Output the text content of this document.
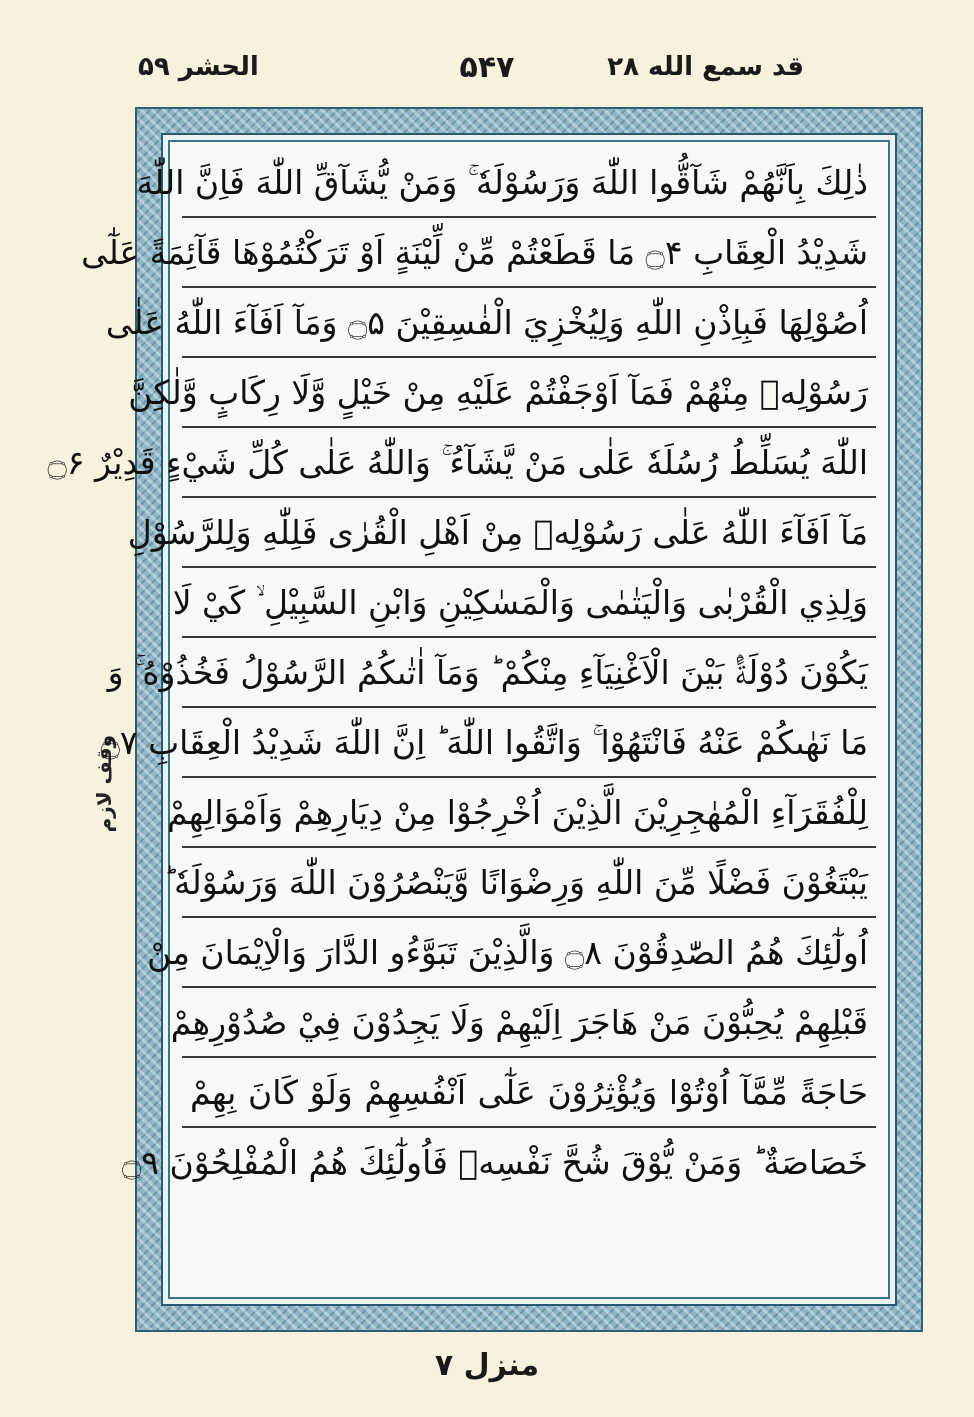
قد سمع الله ۲۸
۵۴۷
الحشر ۵۹
وقف لازم
ذٰلِكَ بِاَنَّهُمْ شَآقُّوا اللّٰهَ وَرَسُوْلَهٗ ۚ وَمَنْ يُّشَآقِّ اللّٰهَ فَاِنَّ اللّٰهَ
شَدِيْدُ الْعِقَابِ ۝۴ مَا قَطَعْتُمْ مِّنْ لِّيْنَةٍ اَوْ تَرَكْتُمُوْهَا قَآئِمَةً عَلٰٓى
اُصُوْلِهَا فَبِاِذْنِ اللّٰهِ وَلِيُخْزِيَ الْفٰسِقِيْنَ ۝۵ وَمَآ اَفَآءَ اللّٰهُ عَلٰى
رَسُوْلِهٖ مِنْهُمْ فَمَآ اَوْجَفْتُمْ عَلَيْهِ مِنْ خَيْلٍ وَّلَا رِكَابٍ وَّلٰكِنَّ
اللّٰهَ يُسَلِّطُ رُسُلَهٗ عَلٰى مَنْ يَّشَآءُ ۚ وَاللّٰهُ عَلٰى كُلِّ شَيْءٍ قَدِيْرٌ ۝۶
مَآ اَفَآءَ اللّٰهُ عَلٰى رَسُوْلِهٖ مِنْ اَهْلِ الْقُرٰى فَلِلّٰهِ وَلِلرَّسُوْلِ
وَلِذِي الْقُرْبٰى وَالْيَتٰمٰى وَالْمَسٰكِيْنِ وَابْنِ السَّبِيْلِ ۙ كَيْ لَا
يَكُوْنَ دُوْلَةًۢ بَيْنَ الْاَغْنِيَآءِ مِنْكُمْ ؕ وَمَآ اٰتٰىكُمُ الرَّسُوْلُ فَخُذُوْهُ ۚ وَ
مَا نَهٰىكُمْ عَنْهُ فَانْتَهُوْا ۚ وَاتَّقُوا اللّٰهَ ؕ اِنَّ اللّٰهَ شَدِيْدُ الْعِقَابِ ۝۷
لِلْفُقَرَآءِ الْمُهٰجِرِيْنَ الَّذِيْنَ اُخْرِجُوْا مِنْ دِيَارِهِمْ وَاَمْوَالِهِمْ
يَبْتَغُوْنَ فَضْلًا مِّنَ اللّٰهِ وَرِضْوَانًا وَّيَنْصُرُوْنَ اللّٰهَ وَرَسُوْلَهٗ ؕ
اُولٰٓئِكَ هُمُ الصّٰدِقُوْنَ ۝۸ وَالَّذِيْنَ تَبَوَّءُو الدَّارَ وَالْاِيْمَانَ مِنْ
قَبْلِهِمْ يُحِبُّوْنَ مَنْ هَاجَرَ اِلَيْهِمْ وَلَا يَجِدُوْنَ فِيْ صُدُوْرِهِمْ
حَاجَةً مِّمَّآ اُوْتُوْا وَيُؤْثِرُوْنَ عَلٰٓى اَنْفُسِهِمْ وَلَوْ كَانَ بِهِمْ
خَصَاصَةٌ ؕ وَمَنْ يُّوْقَ شُحَّ نَفْسِهٖ فَاُولٰٓئِكَ هُمُ الْمُفْلِحُوْنَ ۝۹
منزل ۷
